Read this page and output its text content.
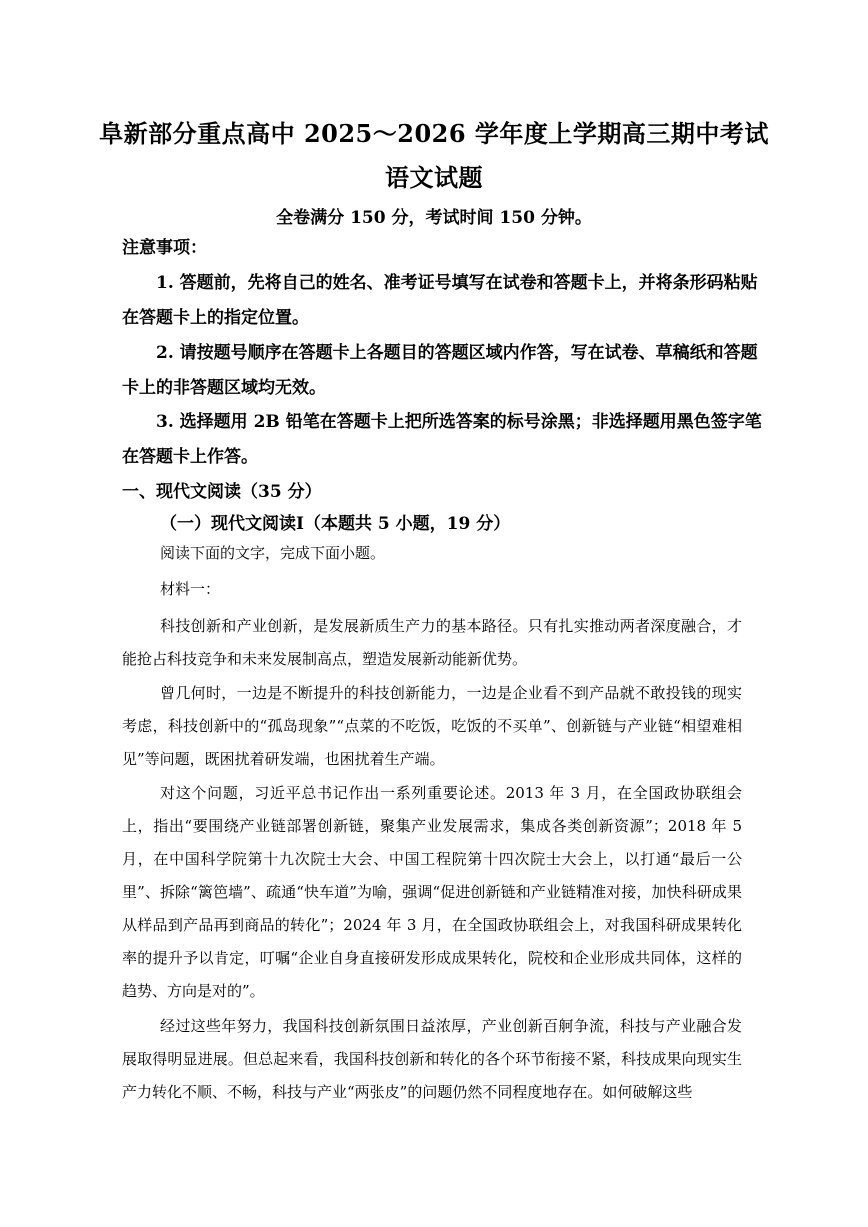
阜新部分重点高中 2025～2026 学年度上学期高三期中考试
语文试题
全卷满分 150 分，考试时间 150 分钟。
注意事项：
1. 答题前，先将自己的姓名、准考证号填写在试卷和答题卡上，并将条形码粘贴在答题卡上的指定位置。
2. 请按题号顺序在答题卡上各题目的答题区域内作答，写在试卷、草稿纸和答题卡上的非答题区域均无效。
3. 选择题用 2B 铅笔在答题卡上把所选答案的标号涂黑；非选择题用黑色签字笔在答题卡上作答。
一、现代文阅读（35 分）
（一）现代文阅读Ⅰ（本题共 5 小题，19 分）
阅读下面的文字，完成下面小题。
材料一：
科技创新和产业创新，是发展新质生产力的基本路径。只有扎实推动两者深度融合，才能抢占科技竞争和未来发展制高点，塑造发展新动能新优势。
曾几何时，一边是不断提升的科技创新能力，一边是企业看不到产品就不敢投钱的现实考虑，科技创新中的“孤岛现象”“点菜的不吃饭，吃饭的不买单”、创新链与产业链“相望难相见”等问题，既困扰着研发端，也困扰着生产端。
对这个问题，习近平总书记作出一系列重要论述。2013 年 3 月，在全国政协联组会上，指出“要围绕产业链部署创新链，聚集产业发展需求，集成各类创新资源”；2018 年 5 月，在中国科学院第十九次院士大会、中国工程院第十四次院士大会上，以打通“最后一公里”、拆除“篱笆墙”、疏通“快车道”为喻，强调“促进创新链和产业链精准对接，加快科研成果从样品到产品再到商品的转化”；2024 年 3 月，在全国政协联组会上，对我国科研成果转化率的提升予以肯定，叮嘱“企业自身直接研发形成成果转化，院校和企业形成共同体，这样的趋势、方向是对的”。
经过这些年努力，我国科技创新氛围日益浓厚，产业创新百舸争流，科技与产业融合发展取得明显进展。但总起来看，我国科技创新和转化的各个环节衔接不紧，科技成果向现实生产力转化不顺、不畅，科技与产业“两张皮”的问题仍然不同程度地存在。如何破解这些
